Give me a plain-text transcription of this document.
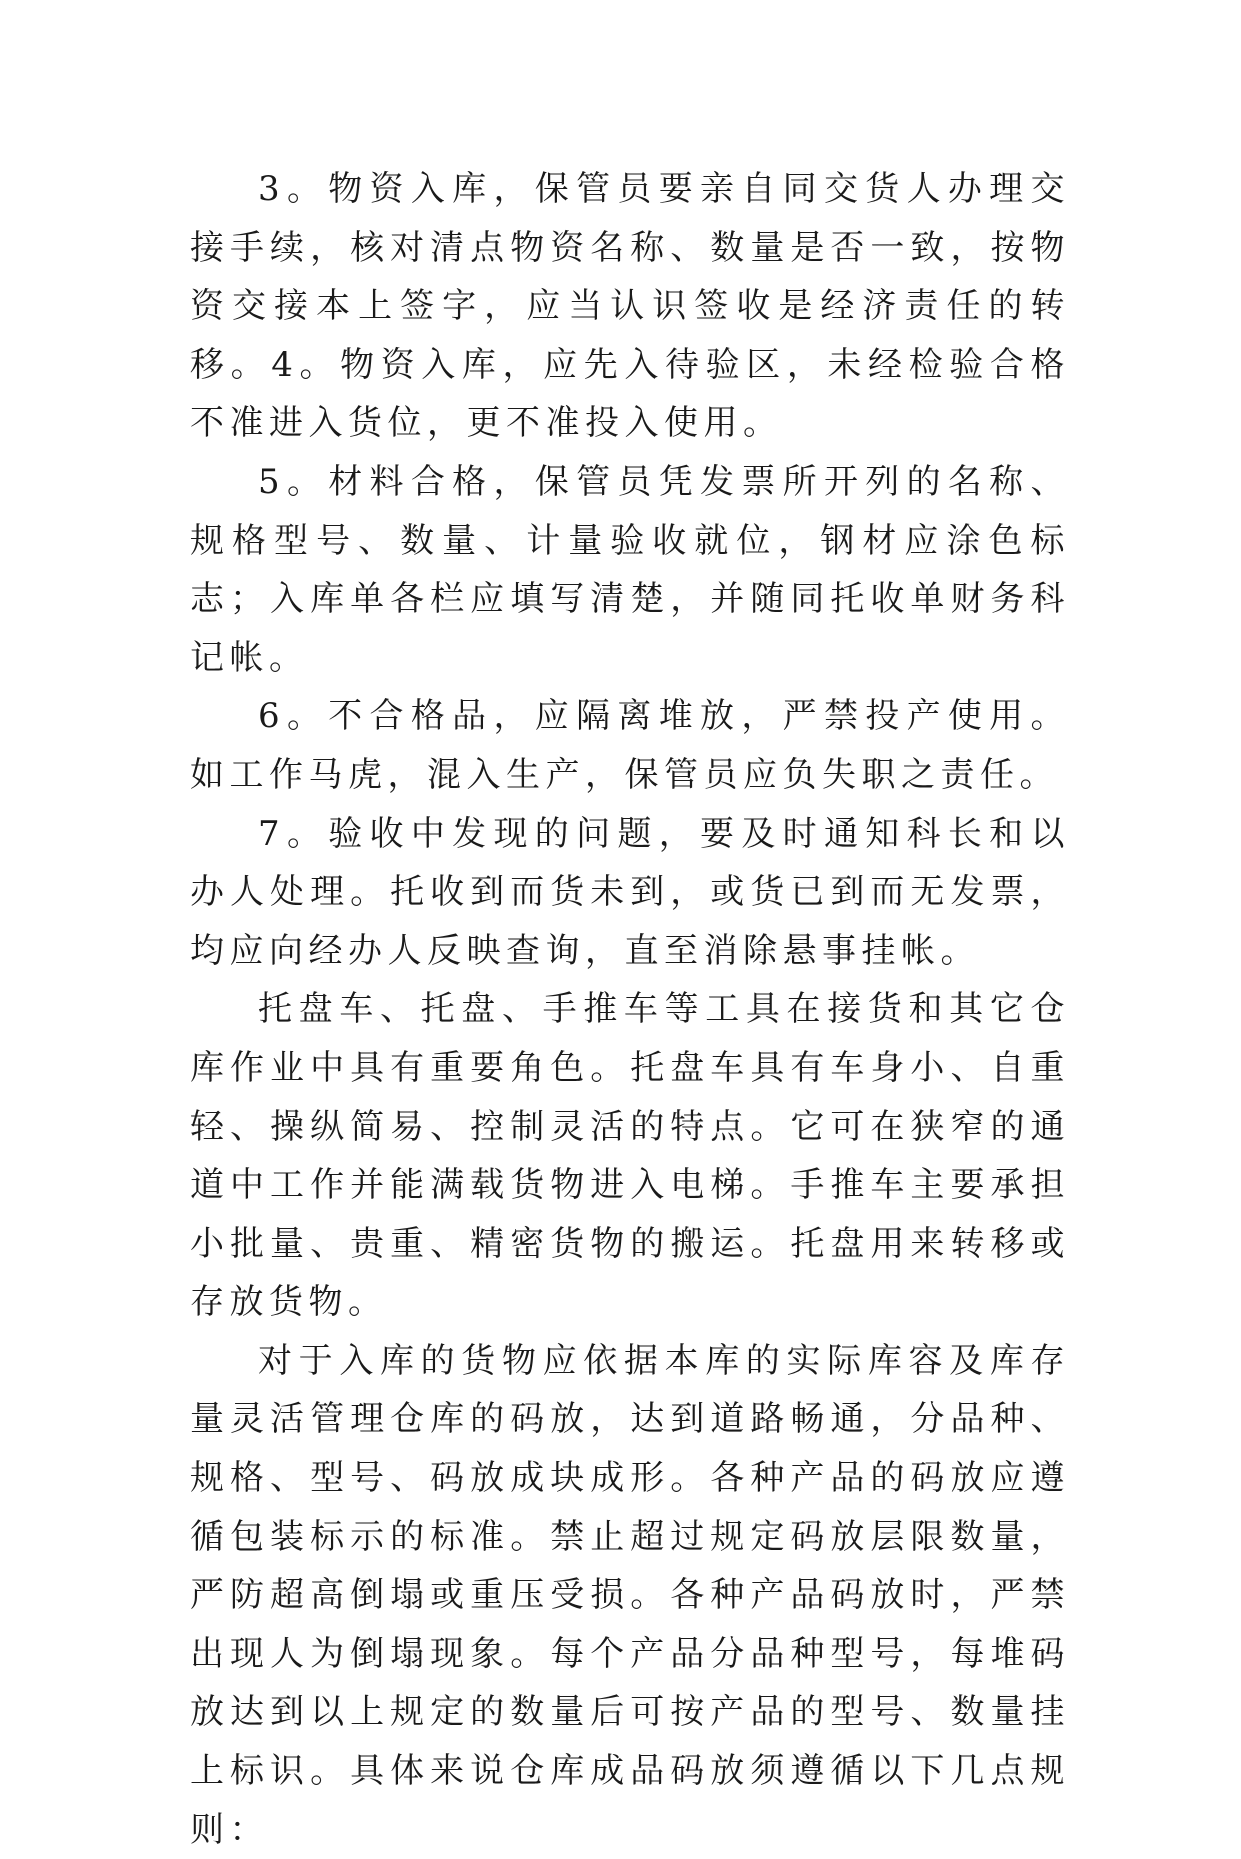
3。物资入库，保管员要亲自同交货人办理交接手续，核对清点物资名称、数量是否一致，按物资交接本上签字，应当认识签收是经济责任的转移。4。物资入库，应先入待验区，未经检验合格不准进入货位，更不准投入使用。

5。材料合格，保管员凭发票所开列的名称、规格型号、数量、计量验收就位，钢材应涂色标志；入库单各栏应填写清楚，并随同托收单财务科记帐。

6。不合格品，应隔离堆放，严禁投产使用。如工作马虎，混入生产，保管员应负失职之责任。

7。验收中发现的问题，要及时通知科长和以办人处理。托收到而货未到，或货已到而无发票，均应向经办人反映查询，直至消除悬事挂帐。

托盘车、托盘、手推车等工具在接货和其它仓库作业中具有重要角色。托盘车具有车身小、自重轻、操纵简易、控制灵活的特点。它可在狭窄的通道中工作并能满载货物进入电梯。手推车主要承担小批量、贵重、精密货物的搬运。托盘用来转移或存放货物。

对于入库的货物应依据本库的实际库容及库存量灵活管理仓库的码放，达到道路畅通，分品种、规格、型号、码放成块成形。各种产品的码放应遵循包装标示的标准。禁止超过规定码放层限数量，严防超高倒塌或重压受损。各种产品码放时，严禁出现人为倒塌现象。每个产品分品种型号，每堆码放达到以上规定的数量后可按产品的型号、数量挂上标识。具体来说仓库成品码放须遵循以下几点规则：
